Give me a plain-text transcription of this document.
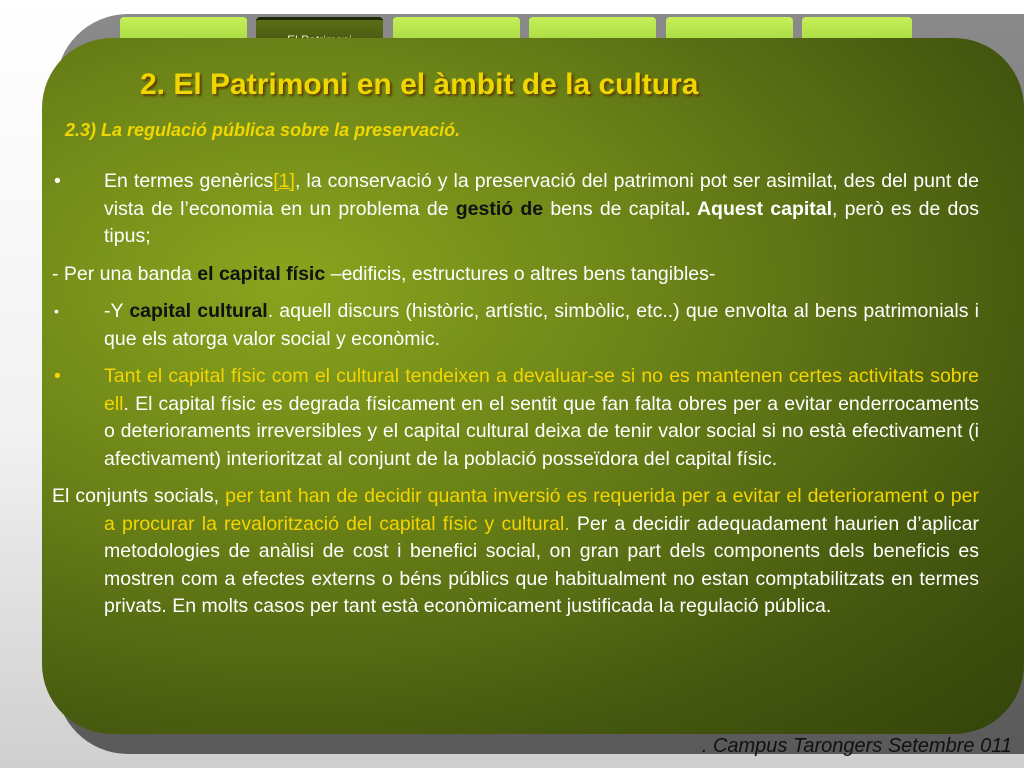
2. El Patrimoni en el àmbit de la cultura
2.3) La regulació pública sobre la preservació.

• En termes genèrics[1], la conservació y la preservació del patrimoni pot ser asimilat, des del punt de vista de l’economia en un problema de gestió de bens de capital. Aquest capital, però es de dos tipus;

- Per una banda el capital físic –edificis, estructures o altres bens tangibles-

• -Y capital cultural. aquell discurs (històric, artístic, simbòlic, etc..) que envolta al bens patrimonials i que els atorga valor social y econòmic.

• Tant el capital físic com el cultural tendeixen a devaluar-se si no es mantenen certes activitats sobre ell. El capital físic es degrada físicament en el sentit que fan falta obres per a evitar enderrocaments o deterioraments irreversibles y el capital cultural deixa de tenir valor social si no està efectivament (i afectivament) interioritzat al conjunt de la població posseïdora del capital físic.

El conjunts socials, per tant han de decidir quanta inversió es requerida per a evitar el deteriorament o per a procurar la revalorització del capital físic y cultural. Per a decidir adequadament haurien d’aplicar metodologies de anàlisi de cost i benefici social, on gran part dels components dels beneficis es mostren com a efectes externs o béns públics que habitualment no estan comptabilitzats en termes privats. En molts casos per tant està econòmicament justificada la regulació pública.

. Campus Tarongers Setembre 011
